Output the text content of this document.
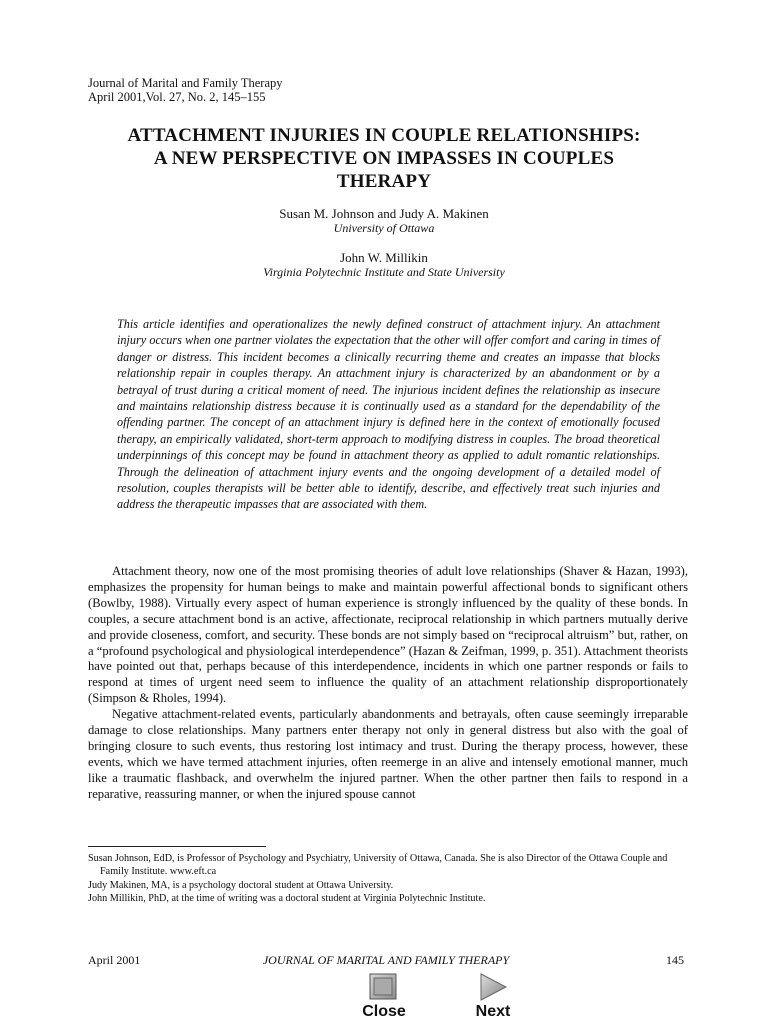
Journal of Marital and Family Therapy
April 2001,Vol. 27, No. 2, 145–155
ATTACHMENT INJURIES IN COUPLE RELATIONSHIPS:
A NEW PERSPECTIVE ON IMPASSES IN COUPLES
THERAPY
Susan M. Johnson and Judy A. Makinen
University of Ottawa
John W. Millikin
Virginia Polytechnic Institute and State University
This article identifies and operationalizes the newly defined construct of attachment injury. An attachment injury occurs when one partner violates the expectation that the other will offer comfort and caring in times of danger or distress. This incident becomes a clinically recurring theme and creates an impasse that blocks relationship repair in couples therapy. An attachment injury is characterized by an abandonment or by a betrayal of trust during a critical moment of need. The injurious incident defines the relationship as insecure and maintains relationship distress because it is continually used as a standard for the dependability of the offending partner. The concept of an attachment injury is defined here in the context of emotionally focused therapy, an empirically validated, short-term approach to modifying distress in couples. The broad theoretical underpinnings of this concept may be found in attachment theory as applied to adult romantic relationships. Through the delineation of attachment injury events and the ongoing development of a detailed model of resolution, couples therapists will be better able to identify, describe, and effectively treat such injuries and address the therapeutic impasses that are associated with them.

Attachment theory, now one of the most promising theories of adult love relationships (Shaver & Hazan, 1993), emphasizes the propensity for human beings to make and maintain powerful affectional bonds to significant others (Bowlby, 1988). Virtually every aspect of human experience is strongly influenced by the quality of these bonds. In couples, a secure attachment bond is an active, affectionate, reciprocal relationship in which partners mutually derive and provide closeness, comfort, and security. These bonds are not simply based on “reciprocal altruism” but, rather, on a “profound psychological and physiological interdependence” (Hazan & Zeifman, 1999, p. 351). Attachment theorists have pointed out that, perhaps because of this interdependence, incidents in which one partner responds or fails to respond at times of urgent need seem to influence the quality of an attachment relationship disproportionately (Simpson & Rholes, 1994).

Negative attachment-related events, particularly abandonments and betrayals, often cause seemingly irreparable damage to close relationships. Many partners enter therapy not only in general distress but also with the goal of bringing closure to such events, thus restoring lost intimacy and trust. During the therapy process, however, these events, which we have termed attachment injuries, often reemerge in an alive and intensely emotional manner, much like a traumatic flashback, and overwhelm the injured partner. When the other partner then fails to respond in a reparative, reassuring manner, or when the injured spouse cannot

Susan Johnson, EdD, is Professor of Psychology and Psychiatry, University of Ottawa, Canada. She is also Director of the Ottawa Couple and Family Institute. www.eft.ca

Judy Makinen, MA, is a psychology doctoral student at Ottawa University.

John Millikin, PhD, at the time of writing was a doctoral student at Virginia Polytechnic Institute.

April 2001	JOURNAL OF MARITAL AND FAMILY THERAPY	145
Close	Next
